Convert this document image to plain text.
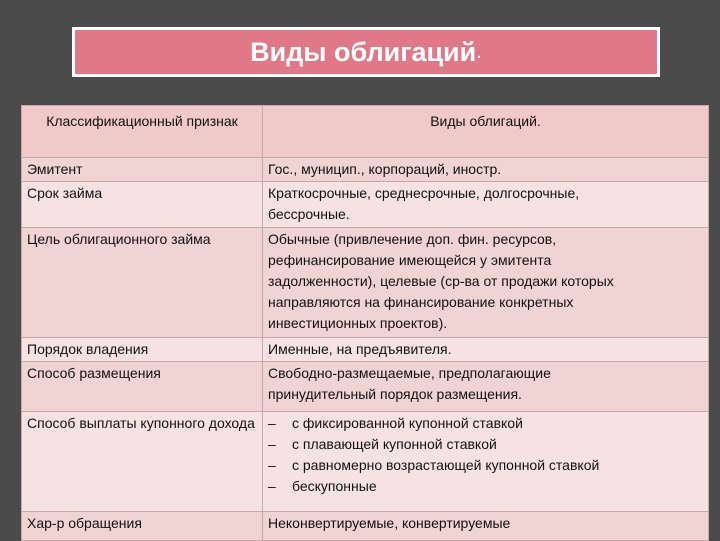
Виды облигаций .
Классификационный признак	Виды облигаций.
Эмитент	Гос., муницип., корпораций, иностр.

Срок займа	Краткосрочные, среднесрочные, долгосрочные,
бессрочные.

Цель облигационного займа	Обычные (привлечение доп. фин. ресурсов,
рефинансирование имеющейся у эмитента
задолженности), целевые (ср-ва от продажи которых
направляются на финансирование конкретных
инвестиционных проектов).

Порядок владения	Именные, на предъявителя.

Способ размещения	Свободно-размещаемые, предполагающие
принудительный порядок размещения.

Способ выплаты купонного дохода	– с фиксированной купонной ставкой
– с плавающей купонной ставкой
– с равномерно возрастающей купонной ставкой
– бескупонные

Хар-р обращения	Неконвертируемые, конвертируемые
